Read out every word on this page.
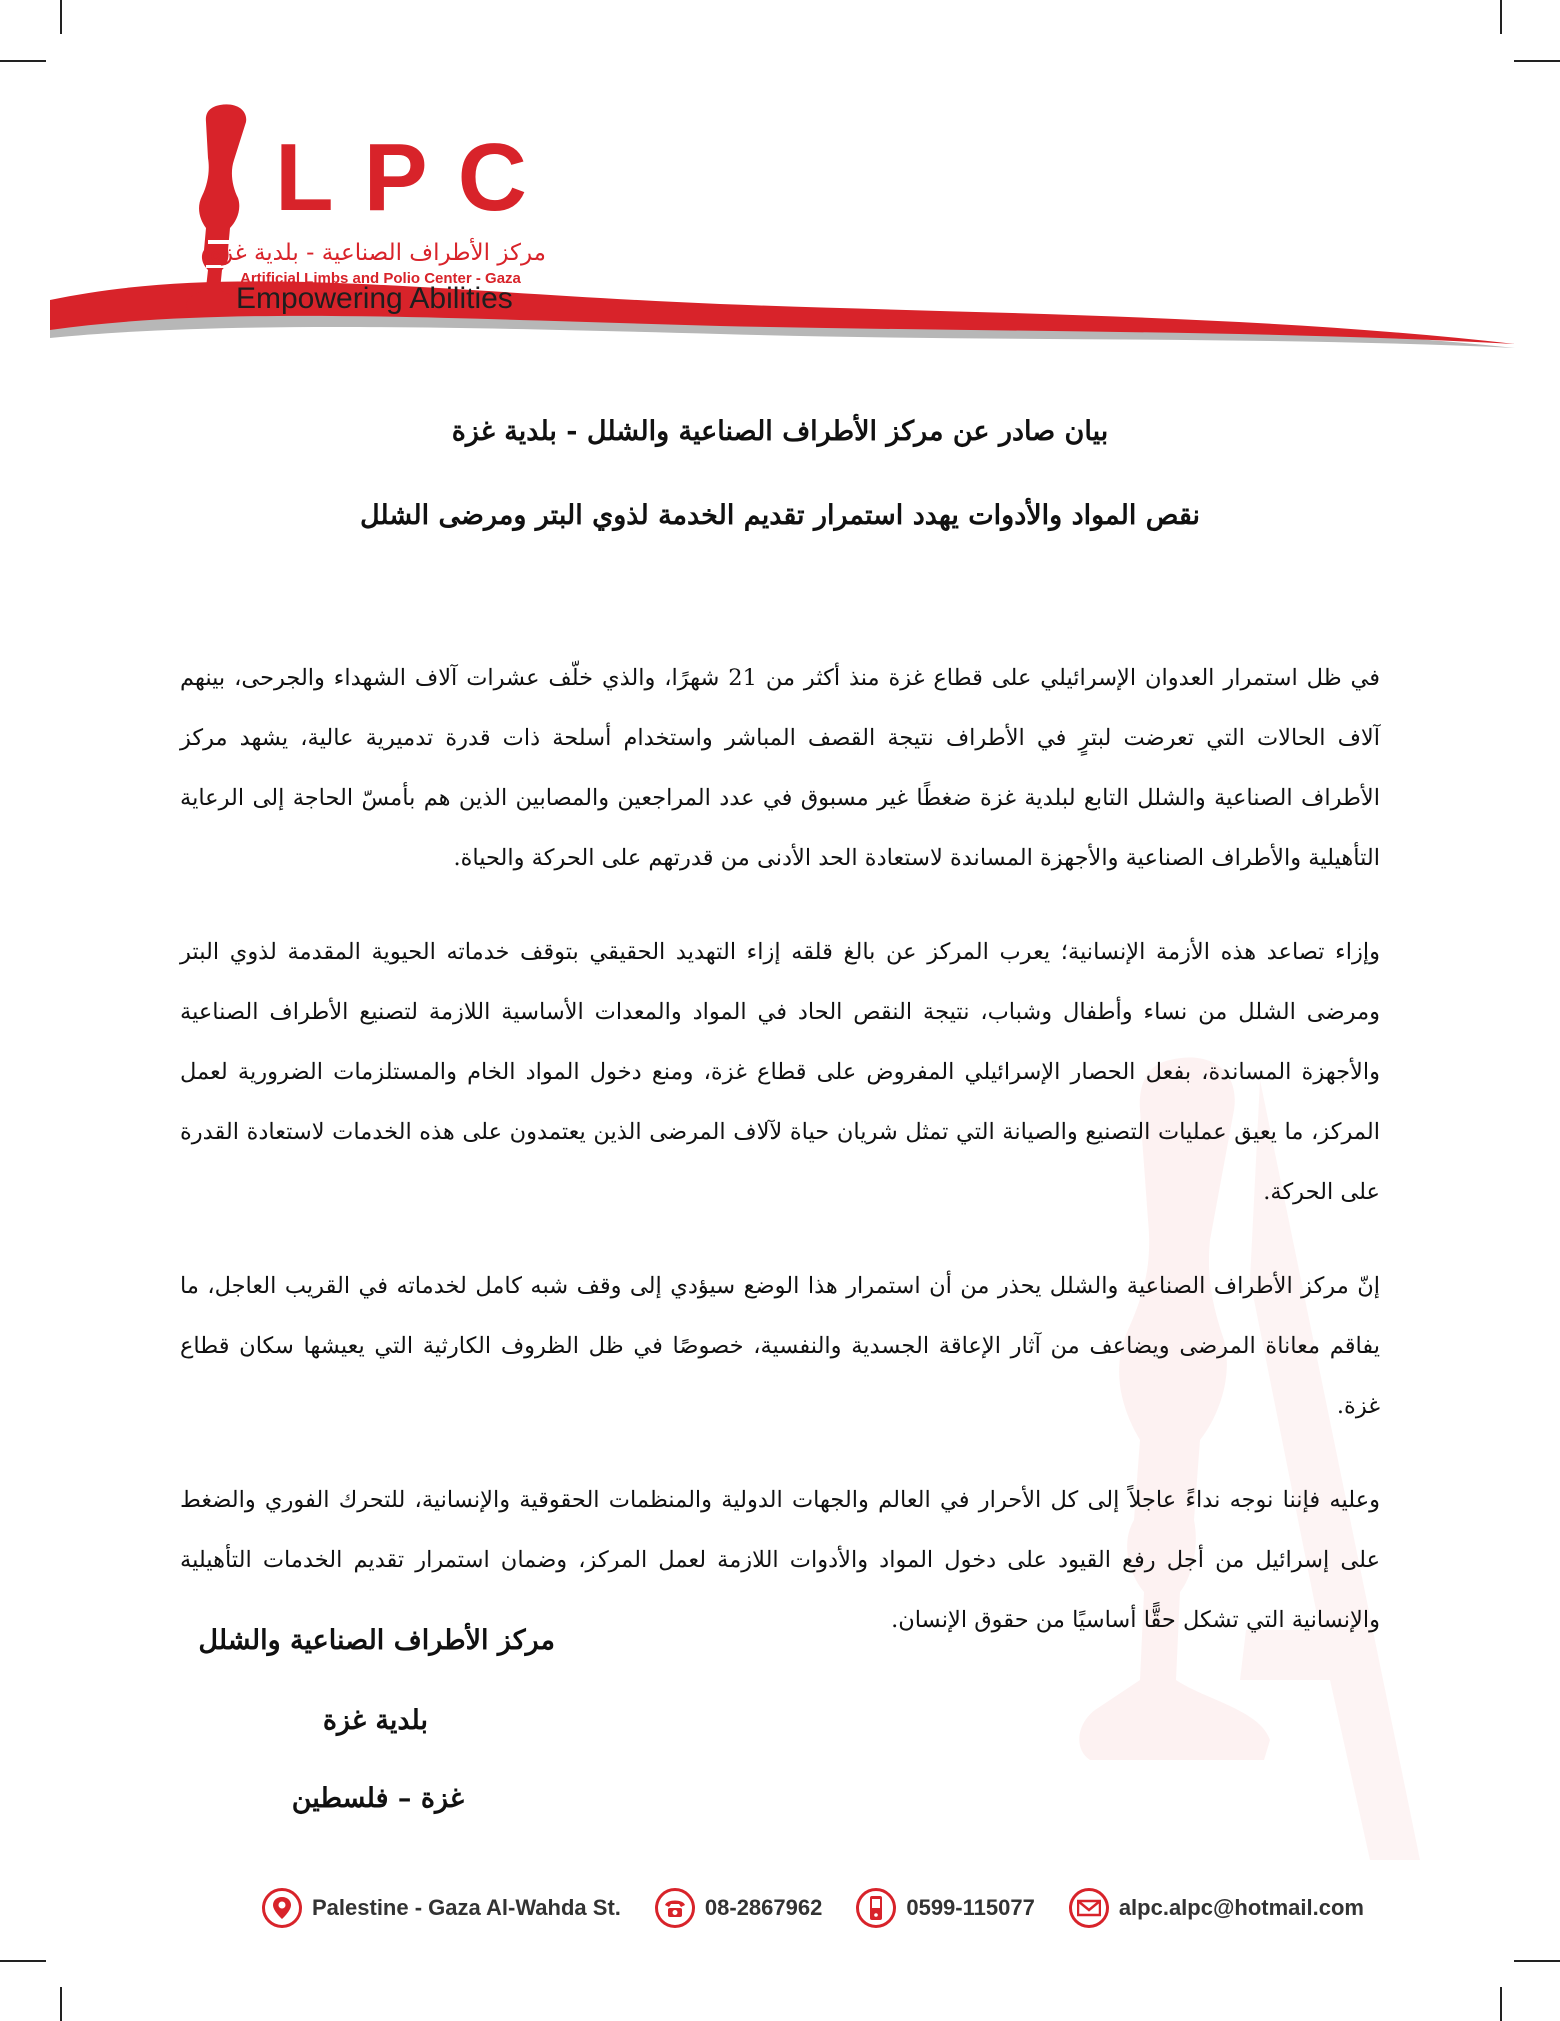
LPC
مركز الأطراف الصناعية - بلدية غزة
Artificial Limbs and Polio Center - Gaza
Empowering Abilities
بيان صادر عن مركز الأطراف الصناعية والشلل - بلدية غزة
نقص المواد والأدوات يهدد استمرار تقديم الخدمة لذوي البتر ومرضى الشلل

في ظل استمرار العدوان الإسرائيلي على قطاع غزة منذ أكثر من 21 شهرًا، والذي خلّف عشرات آلاف الشهداء والجرحى، بينهم آلاف الحالات التي تعرضت لبترٍ في الأطراف نتيجة القصف المباشر واستخدام أسلحة ذات قدرة تدميرية عالية، يشهد مركز الأطراف الصناعية والشلل التابع لبلدية غزة ضغطًا غير مسبوق في عدد المراجعين والمصابين الذين هم بأمسّ الحاجة إلى الرعاية التأهيلية والأطراف الصناعية والأجهزة المساندة لاستعادة الحد الأدنى من قدرتهم على الحركة والحياة.

وإزاء تصاعد هذه الأزمة الإنسانية؛ يعرب المركز عن بالغ قلقه إزاء التهديد الحقيقي بتوقف خدماته الحيوية المقدمة لذوي البتر ومرضى الشلل من نساء وأطفال وشباب، نتيجة النقص الحاد في المواد والمعدات الأساسية اللازمة لتصنيع الأطراف الصناعية والأجهزة المساندة، بفعل الحصار الإسرائيلي المفروض على قطاع غزة، ومنع دخول المواد الخام والمستلزمات الضرورية لعمل المركز، ما يعيق عمليات التصنيع والصيانة التي تمثل شريان حياة لآلاف المرضى الذين يعتمدون على هذه الخدمات لاستعادة القدرة على الحركة.

إنّ مركز الأطراف الصناعية والشلل يحذر من أن استمرار هذا الوضع سيؤدي إلى وقف شبه كامل لخدماته في القريب العاجل، ما يفاقم معاناة المرضى ويضاعف من آثار الإعاقة الجسدية والنفسية، خصوصًا في ظل الظروف الكارثية التي يعيشها سكان قطاع غزة.

وعليه فإننا نوجه نداءً عاجلاً إلى كل الأحرار في العالم والجهات الدولية والمنظمات الحقوقية والإنسانية، للتحرك الفوري والضغط على إسرائيل من أجل رفع القيود على دخول المواد والأدوات اللازمة لعمل المركز، وضمان استمرار تقديم الخدمات التأهيلية والإنسانية التي تشكل حقًّا أساسيًا من حقوق الإنسان.

مركز الأطراف الصناعية والشلل
بلدية غزة
غزة – فلسطين
Palestine - Gaza Al-Wahda St.	08-2867962	0599-115077	alpc.alpc@hotmail.com
